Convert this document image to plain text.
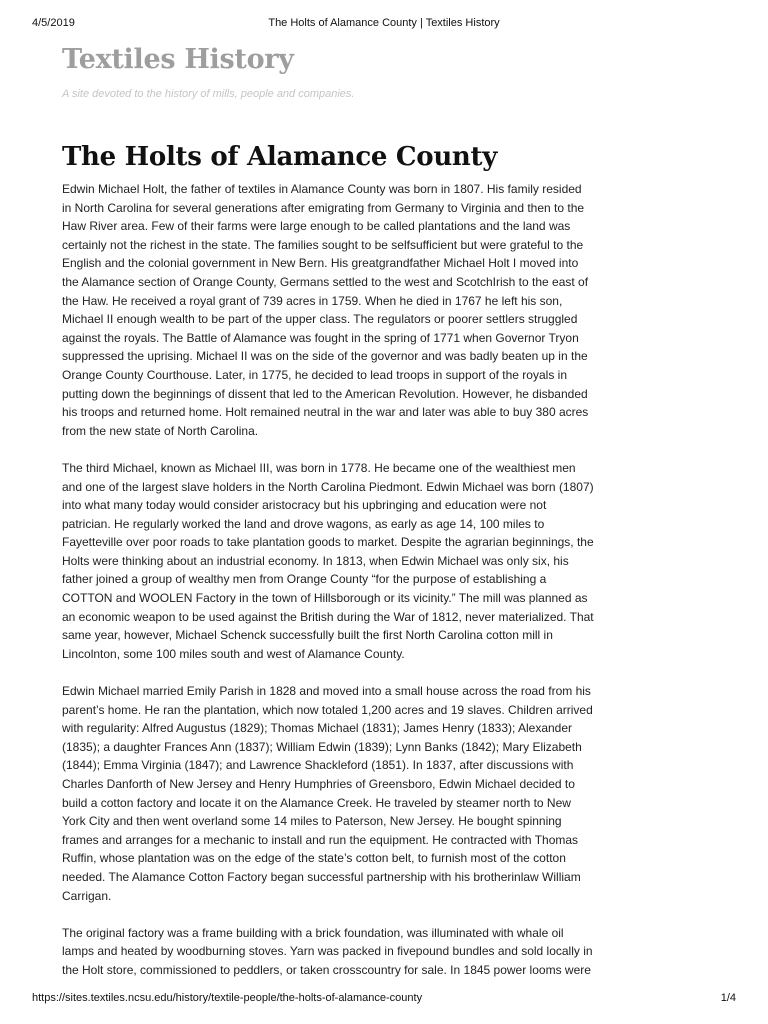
4/5/2019	The Holts of Alamance County | Textiles History
Textiles History

A site devoted to the history of mills, people and companies.

The Holts of Alamance County

Edwin Michael Holt, the father of textiles in Alamance County was born in 1807. His family resided in North Carolina for several generations after emigrating from Germany to Virginia and then to the Haw River area. Few of their farms were large enough to be called plantations and the land was certainly not the richest in the state. The families sought to be selfsufficient but were grateful to the English and the colonial government in New Bern. His greatgrandfather Michael Holt I moved into the Alamance section of Orange County, Germans settled to the west and ScotchIrish to the east of the Haw. He received a royal grant of 739 acres in 1759. When he died in 1767 he left his son, Michael II enough wealth to be part of the upper class. The regulators or poorer settlers struggled against the royals. The Battle of Alamance was fought in the spring of 1771 when Governor Tryon suppressed the uprising. Michael II was on the side of the governor and was badly beaten up in the Orange County Courthouse. Later, in 1775, he decided to lead troops in support of the royals in putting down the beginnings of dissent that led to the American Revolution. However, he disbanded his troops and returned home. Holt remained neutral in the war and later was able to buy 380 acres from the new state of North Carolina.

The third Michael, known as Michael III, was born in 1778. He became one of the wealthiest men and one of the largest slave holders in the North Carolina Piedmont. Edwin Michael was born (1807) into what many today would consider aristocracy but his upbringing and education were not patrician. He regularly worked the land and drove wagons, as early as age 14, 100 miles to Fayetteville over poor roads to take plantation goods to market. Despite the agrarian beginnings, the Holts were thinking about an industrial economy. In 1813, when Edwin Michael was only six, his father joined a group of wealthy men from Orange County “for the purpose of establishing a COTTON and WOOLEN Factory in the town of Hillsborough or its vicinity.” The mill was planned as an economic weapon to be used against the British during the War of 1812, never materialized. That same year, however, Michael Schenck successfully built the first North Carolina cotton mill in Lincolnton, some 100 miles south and west of Alamance County.

Edwin Michael married Emily Parish in 1828 and moved into a small house across the road from his parent’s home. He ran the plantation, which now totaled 1,200 acres and 19 slaves. Children arrived with regularity: Alfred Augustus (1829); Thomas Michael (1831); James Henry (1833); Alexander (1835); a daughter Frances Ann (1837); William Edwin (1839); Lynn Banks (1842); Mary Elizabeth (1844); Emma Virginia (1847); and Lawrence Shackleford (1851). In 1837, after discussions with Charles Danforth of New Jersey and Henry Humphries of Greensboro, Edwin Michael decided to build a cotton factory and locate it on the Alamance Creek. He traveled by steamer north to New York City and then went overland some 14 miles to Paterson, New Jersey. He bought spinning frames and arranges for a mechanic to install and run the equipment. He contracted with Thomas Ruffin, whose plantation was on the edge of the state’s cotton belt, to furnish most of the cotton needed. The Alamance Cotton Factory began successful partnership with his brotherinlaw William Carrigan.

The original factory was a frame building with a brick foundation, was illuminated with whale oil lamps and heated by woodburning stoves. Yarn was packed in fivepound bundles and sold locally in the Holt store, commissioned to peddlers, or taken crosscountry for sale. In 1845 power looms were

https://sites.textiles.ncsu.edu/history/textile-people/the-holts-of-alamance-county	1/4
